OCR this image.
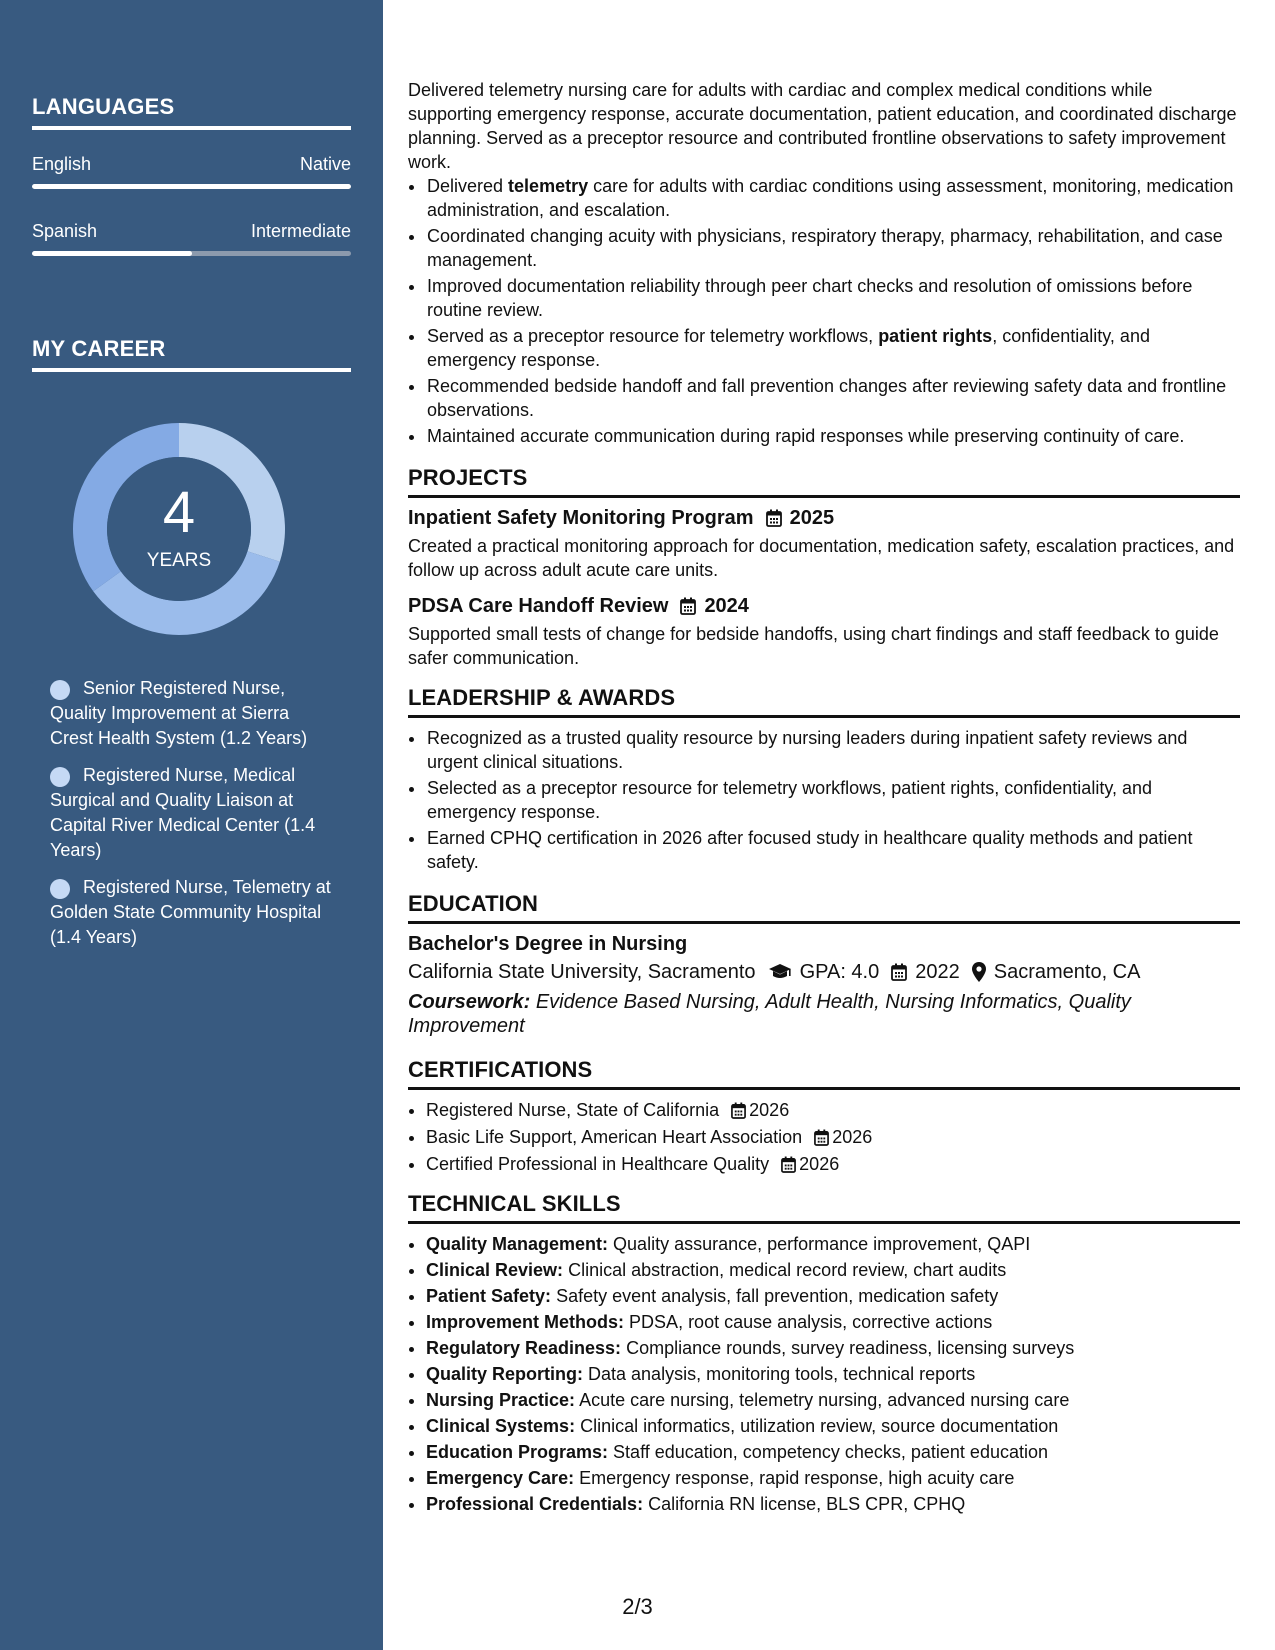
LANGUAGES
English	Native
Spanish	Intermediate
MY CAREER
4
YEARS
Senior Registered Nurse, Quality Improvement at Sierra Crest Health System (1.2 Years)
Registered Nurse, Medical Surgical and Quality Liaison at Capital River Medical Center (1.4 Years)
Registered Nurse, Telemetry at Golden State Community Hospital (1.4 Years)

Delivered telemetry nursing care for adults with cardiac and complex medical conditions while supporting emergency response, accurate documentation, patient education, and coordinated discharge planning. Served as a preceptor resource and contributed frontline observations to safety improvement work.

• Delivered telemetry care for adults with cardiac conditions using assessment, monitoring, medication administration, and escalation.
• Coordinated changing acuity with physicians, respiratory therapy, pharmacy, rehabilitation, and case management.
• Improved documentation reliability through peer chart checks and resolution of omissions before routine review.
• Served as a preceptor resource for telemetry workflows, patient rights, confidentiality, and emergency response.
• Recommended bedside handoff and fall prevention changes after reviewing safety data and frontline observations.
• Maintained accurate communication during rapid responses while preserving continuity of care.
PROJECTS
Inpatient Safety Monitoring Program 2025

Created a practical monitoring approach for documentation, medication safety, escalation practices, and follow up across adult acute care units.

PDSA Care Handoff Review 2024

Supported small tests of change for bedside handoffs, using chart findings and staff feedback to guide safer communication.

LEADERSHIP & AWARDS
• Recognized as a trusted quality resource by nursing leaders during inpatient safety reviews and urgent clinical situations.
• Selected as a preceptor resource for telemetry workflows, patient rights, confidentiality, and emergency response.
• Earned CPHQ certification in 2026 after focused study in healthcare quality methods and patient safety.
EDUCATION
Bachelor's Degree in Nursing
California State University, Sacramento GPA: 4.0 2022 Sacramento, CA
Coursework: Evidence Based Nursing, Adult Health, Nursing Informatics, Quality Improvement
CERTIFICATIONS
• Registered Nurse, State of California 2026
• Basic Life Support, American Heart Association 2026
• Certified Professional in Healthcare Quality 2026
TECHNICAL SKILLS
• Quality Management: Quality assurance, performance improvement, QAPI
• Clinical Review: Clinical abstraction, medical record review, chart audits
• Patient Safety: Safety event analysis, fall prevention, medication safety
• Improvement Methods: PDSA, root cause analysis, corrective actions
• Regulatory Readiness: Compliance rounds, survey readiness, licensing surveys
• Quality Reporting: Data analysis, monitoring tools, technical reports
• Nursing Practice: Acute care nursing, telemetry nursing, advanced nursing care
• Clinical Systems: Clinical informatics, utilization review, source documentation
• Education Programs: Staff education, competency checks, patient education
• Emergency Care: Emergency response, rapid response, high acuity care
• Professional Credentials: California RN license, BLS CPR, CPHQ
2/3
